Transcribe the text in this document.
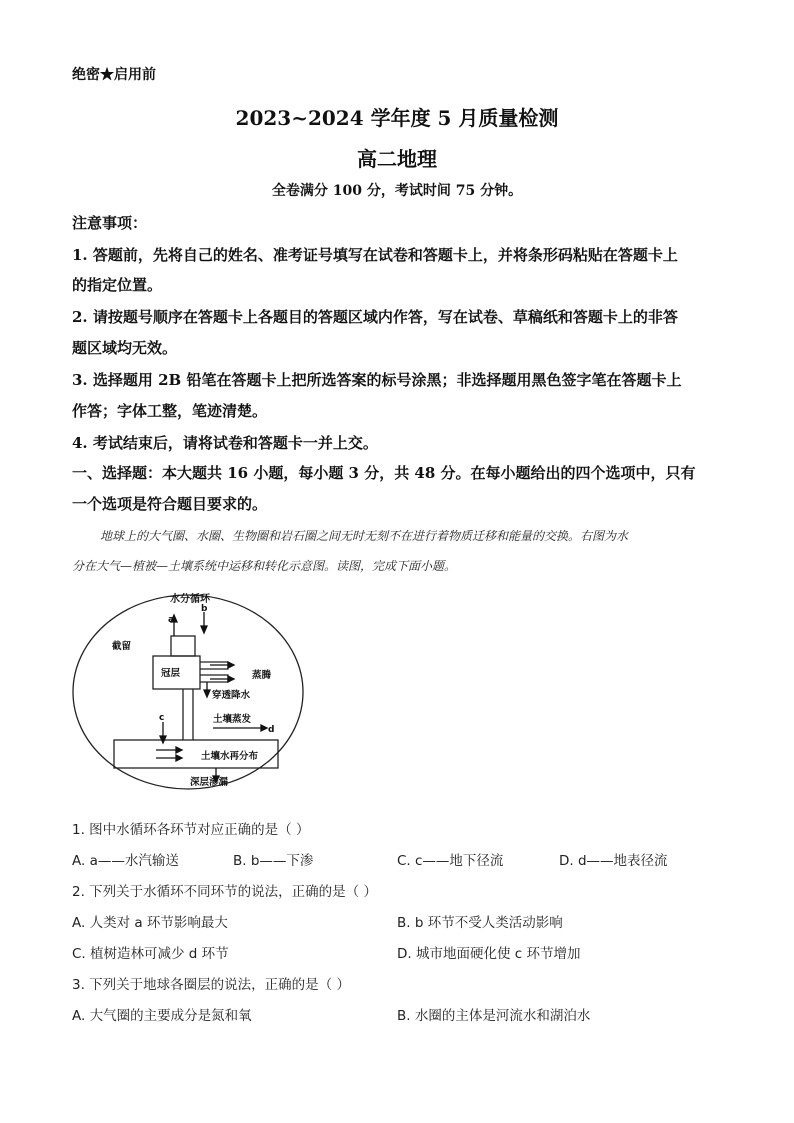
绝密★启用前
2023~2024 学年度 5 月质量检测
高二地理
全卷满分 100 分，考试时间 75 分钟。
注意事项：
1. 答题前，先将自己的姓名、准考证号填写在试卷和答题卡上，并将条形码粘贴在答题卡上
的指定位置。
2. 请按题号顺序在答题卡上各题目的答题区域内作答，写在试卷、草稿纸和答题卡上的非答
题区域均无效。
3. 选择题用 2B 铅笔在答题卡上把所选答案的标号涂黑；非选择题用黑色签字笔在答题卡上
作答；字体工整，笔迹清楚。
4. 考试结束后，请将试卷和答题卡一并上交。
一、选择题：本大题共 16 小题，每小题 3 分，共 48 分。在每小题给出的四个选项中，只有
一个选项是符合题目要求的。
地球上的大气圈、水圈、生物圈和岩石圈之间无时无刻不在进行着物质迁移和能量的交换。右图为水
分在大气—植被—土壤系统中运移和转化示意图。读图，完成下面小题。
水分循环
a
b
截留
冠层	蒸腾
穿透降水
土壤蒸发
d
c
土壤水再分布
深层渗漏
1. 图中水循环各环节对应正确的是（ ）
A. a——水汽输送	B. b——下渗	C. c——地下径流	D. d——地表径流
2. 下列关于水循环不同环节的说法，正确的是（ ）
A. 人类对 a 环节影响最大	B. b 环节不受人类活动影响
C. 植树造林可减少 d 环节	D. 城市地面硬化使 c 环节增加
3. 下列关于地球各圈层的说法，正确的是（ ）
A. 大气圈的主要成分是氮和氧	B. 水圈的主体是河流水和湖泊水
